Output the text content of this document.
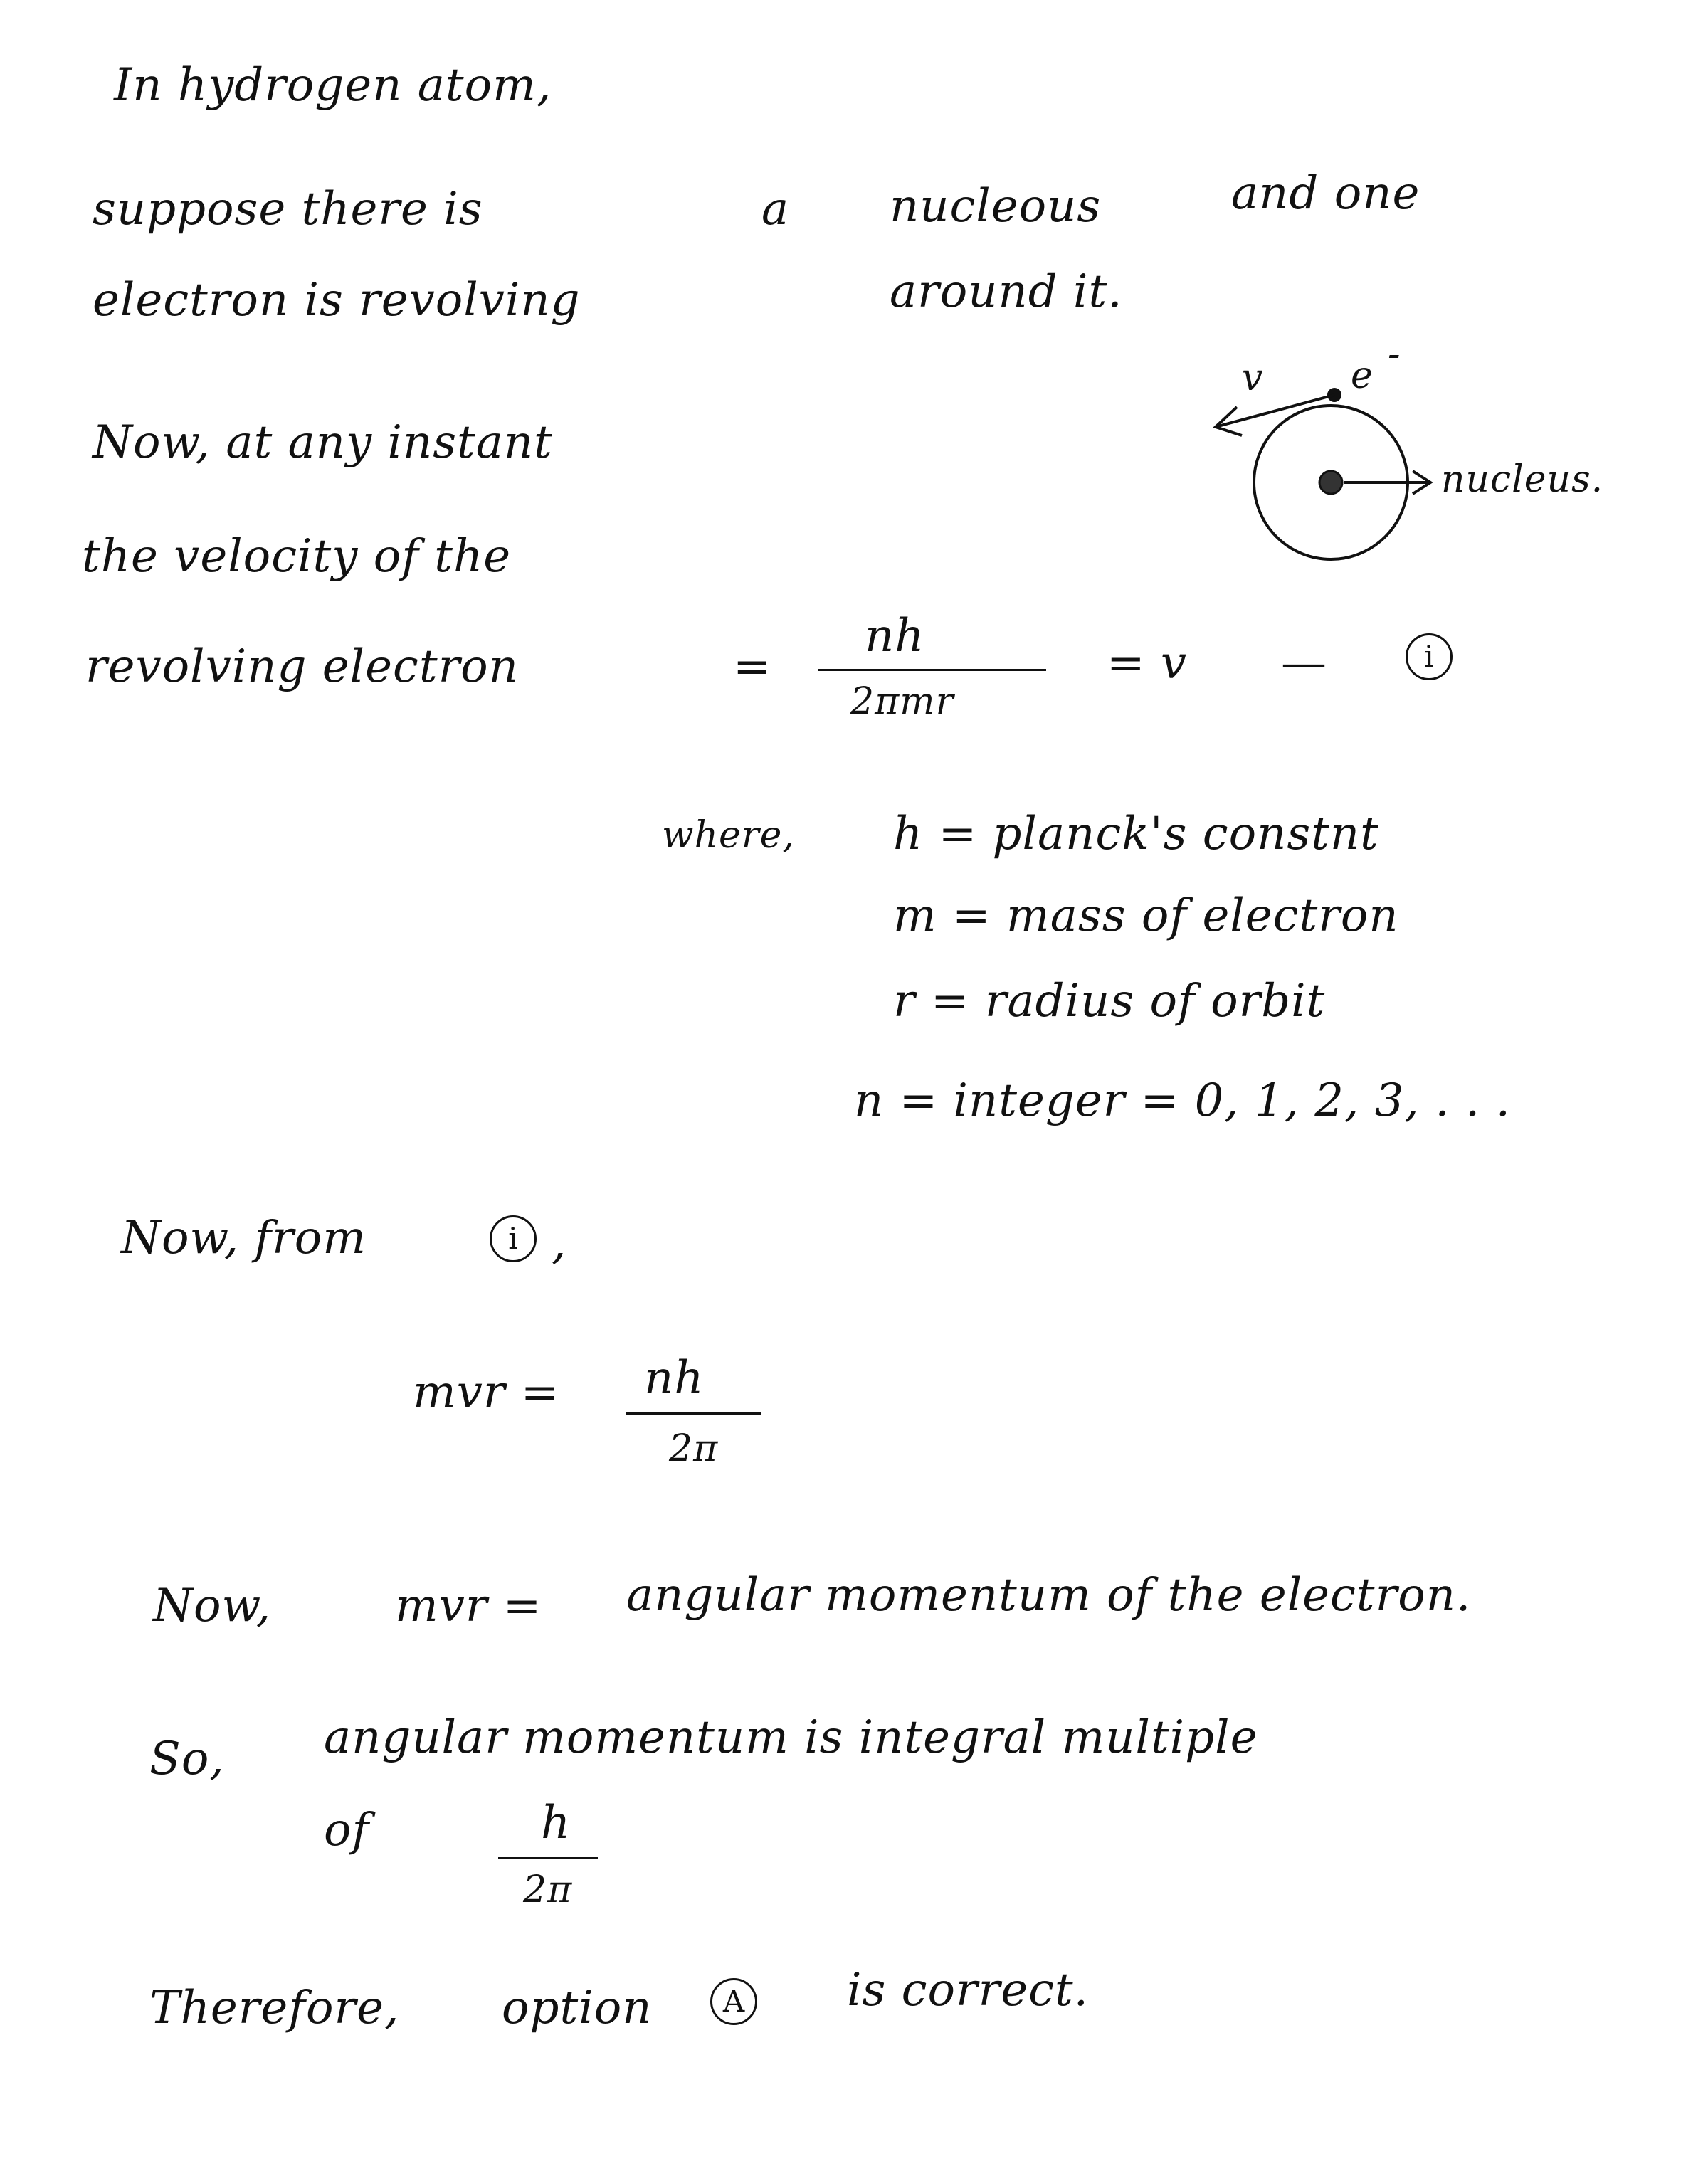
In hydrogen atom,
suppose there is	a nucleous	and one
electron is revolving	around it.
v e -
nucleus.
Now, at any instant
the velocity of the
revolving electron	=
nh
2πmr
= v —	i
where, h = planck's constnt
m = mass of electron
r = radius of orbit
n = integer = 0, 1, 2, 3, . . .
Now, from	i ,
mvr = nh
2π
Now,	mvr = angular momentum of the electron.
So, angular momentum is integral multiple
of	h
2π
Therefore, option	A is correct.
